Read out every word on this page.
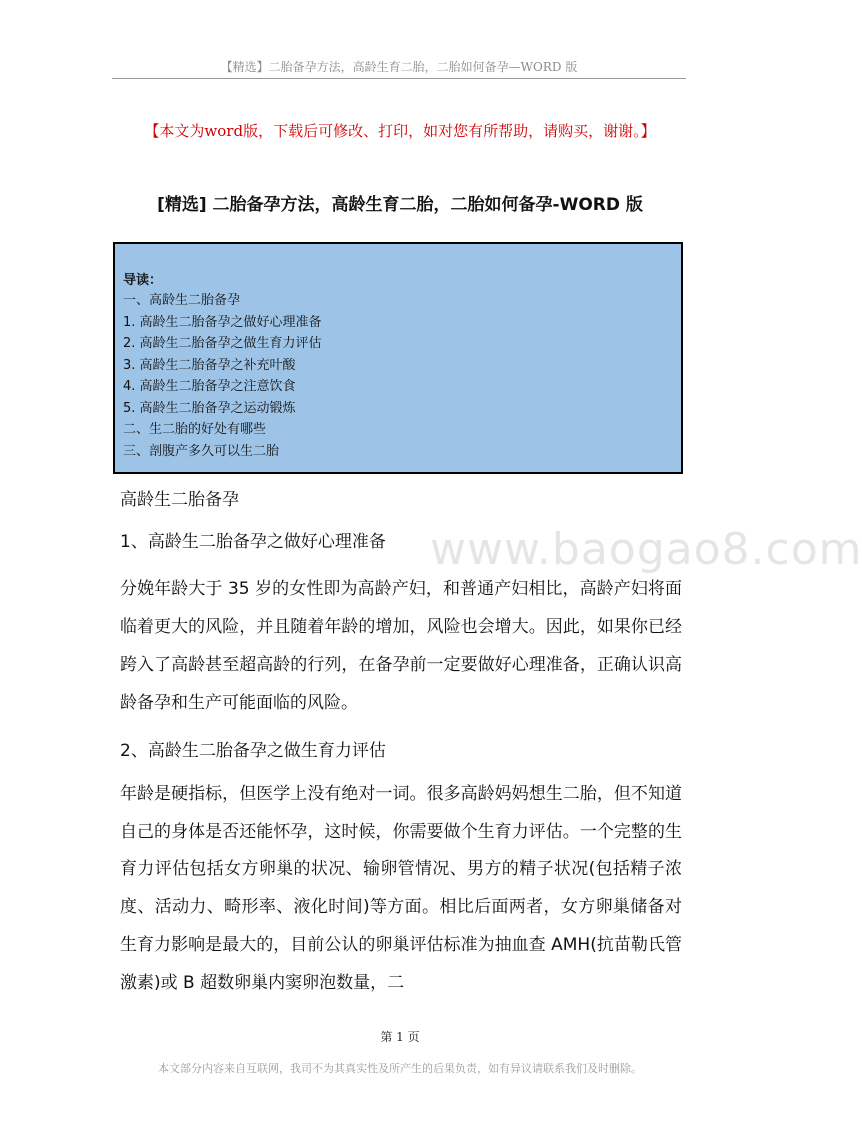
【精选】二胎备孕方法，高龄生育二胎，二胎如何备孕—WORD 版
【本文为word版，下载后可修改、打印，如对您有所帮助，请购买，谢谢。】
[精选] 二胎备孕方法，高龄生育二胎，二胎如何备孕-WORD 版
导读：
一、高龄生二胎备孕
1. 高龄生二胎备孕之做好心理准备
2. 高龄生二胎备孕之做生育力评估
3. 高龄生二胎备孕之补充叶酸
4. 高龄生二胎备孕之注意饮食
5. 高龄生二胎备孕之运动锻炼
二、生二胎的好处有哪些
三、剖腹产多久可以生二胎
www.baogao8.com
高龄生二胎备孕
1、高龄生二胎备孕之做好心理准备
分娩年龄大于 35 岁的女性即为高龄产妇，和普通产妇相比，高龄产妇将面临着更大的风险，并且随着年龄的增加，风险也会增大。因此，如果你已经跨入了高龄甚至超高龄的行列，在备孕前一定要做好心理准备，正确认识高龄备孕和生产可能面临的风险。
2、高龄生二胎备孕之做生育力评估
年龄是硬指标，但医学上没有绝对一词。很多高龄妈妈想生二胎，但不知道自己的身体是否还能怀孕，这时候，你需要做个生育力评估。一个完整的生育力评估包括女方卵巢的状况、输卵管情况、男方的精子状况(包括精子浓度、活动力、畸形率、液化时间)等方面。相比后面两者，女方卵巢储备对生育力影响是最大的，目前公认的卵巢评估标准为抽血查 AMH(抗苗勒氏管激素)或 B 超数卵巢内窦卵泡数量，二
第 1 页
本文部分内容来自互联网，我司不为其真实性及所产生的后果负责，如有异议请联系我们及时删除。
